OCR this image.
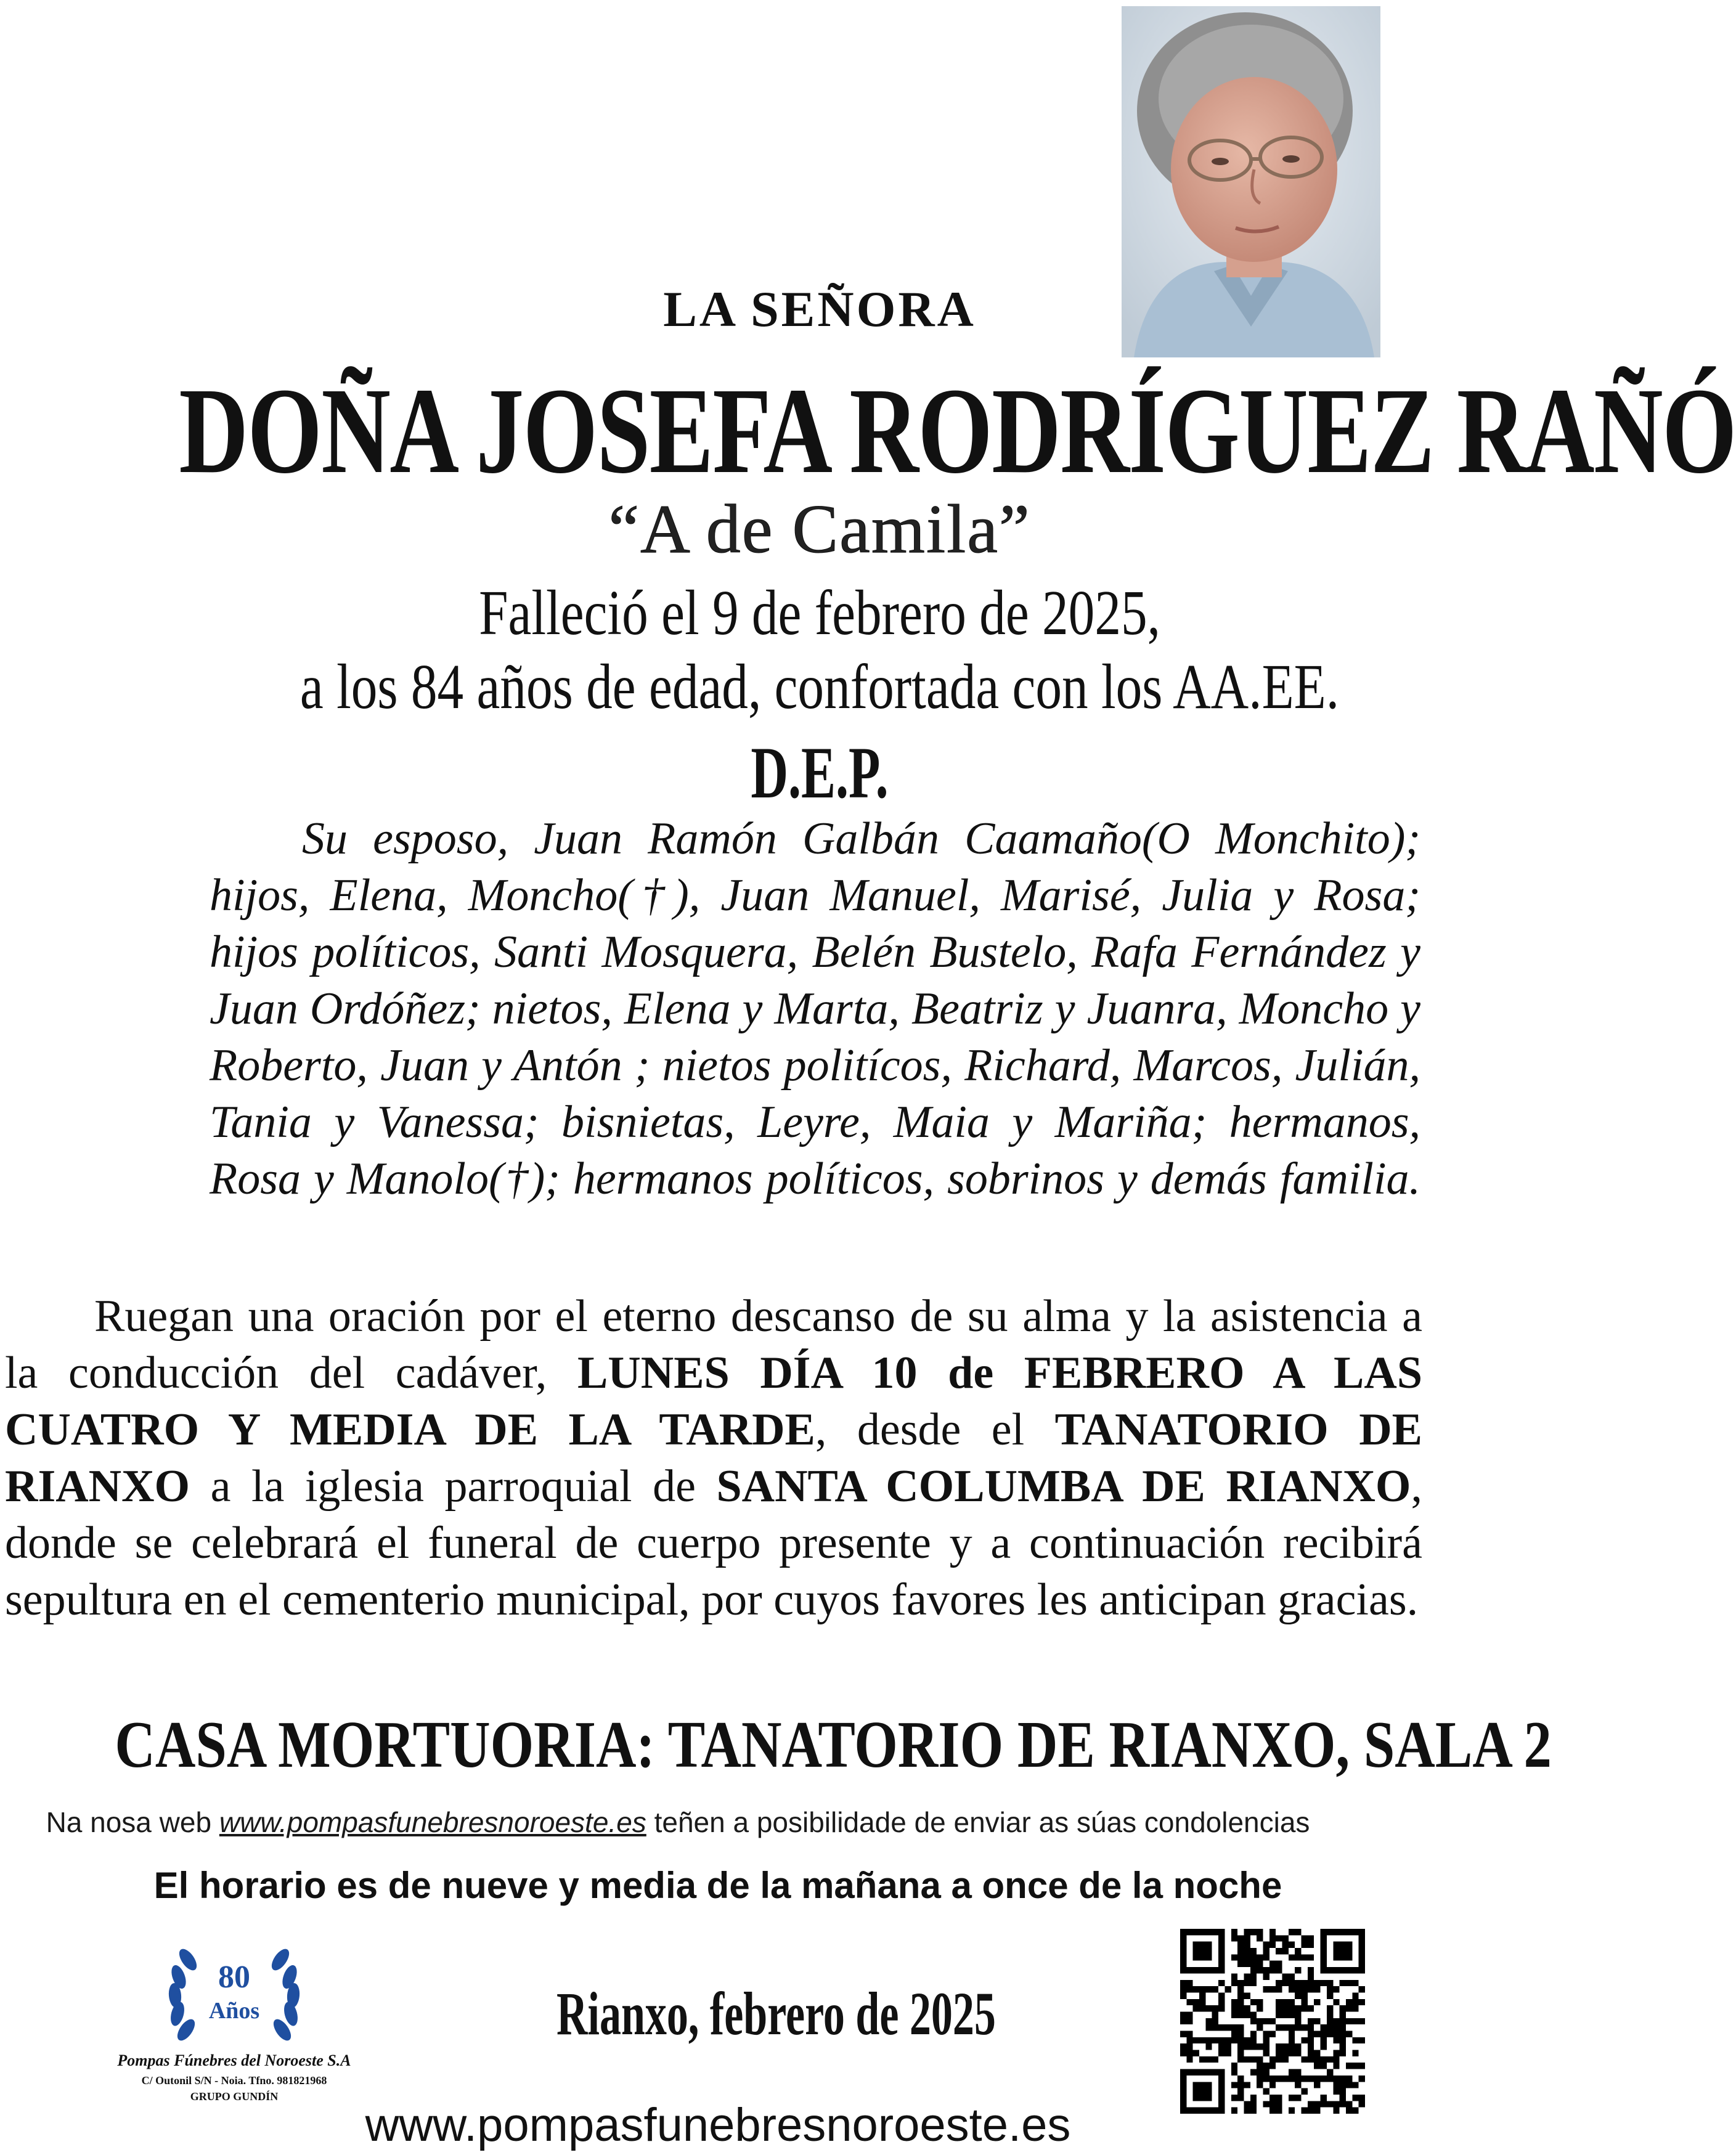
LA SEÑORA
DOÑA JOSEFA RODRÍGUEZ RAÑÓ
“A de Camila”
Falleció el 9 de febrero de 2025,
a los 84 años de edad, confortada con los AA.EE.
D.E.P.
Su esposo, Juan Ramón Galbán Caamaño(O Monchito); hijos, Elena, Moncho(†), Juan Manuel, Marisé, Julia y Rosa; hijos políticos, Santi Mosquera, Belén Bustelo, Rafa Fernández y Juan Ordóñez; nietos, Elena y Marta, Beatriz y Juanra, Moncho y Roberto, Juan y Antón ; nietos politícos, Richard, Marcos, Julián, Tania y Vanessa; bisnietas, Leyre, Maia y Mariña; hermanos, Rosa y Manolo(†); hermanos políticos, sobrinos y demás familia.
Ruegan una oración por el eterno descanso de su alma y la asistencia a la conducción del cadáver, LUNES DÍA 10 de FEBRERO A LAS CUATRO Y MEDIA DE LA TARDE, desde el TANATORIO DE RIANXO a la iglesia parroquial de SANTA COLUMBA DE RIANXO, donde se celebrará el funeral de cuerpo presente y a continuación recibirá sepultura en el cementerio municipal, por cuyos favores les anticipan gracias.
CASA MORTUORIA: TANATORIO DE RIANXO, SALA 2
Na nosa web www.pompasfunebresnoroeste.es teñen a posibilidade de enviar as súas condolencias
El horario es de nueve y media de la mañana a once de la noche
80
Años
Pompas Fúnebres del Noroeste S.A
C/ Outonil S/N - Noia. Tfno. 981821968
GRUPO GUNDÍN
Rianxo, febrero de 2025
www.pompasfunebresnoroeste.es
